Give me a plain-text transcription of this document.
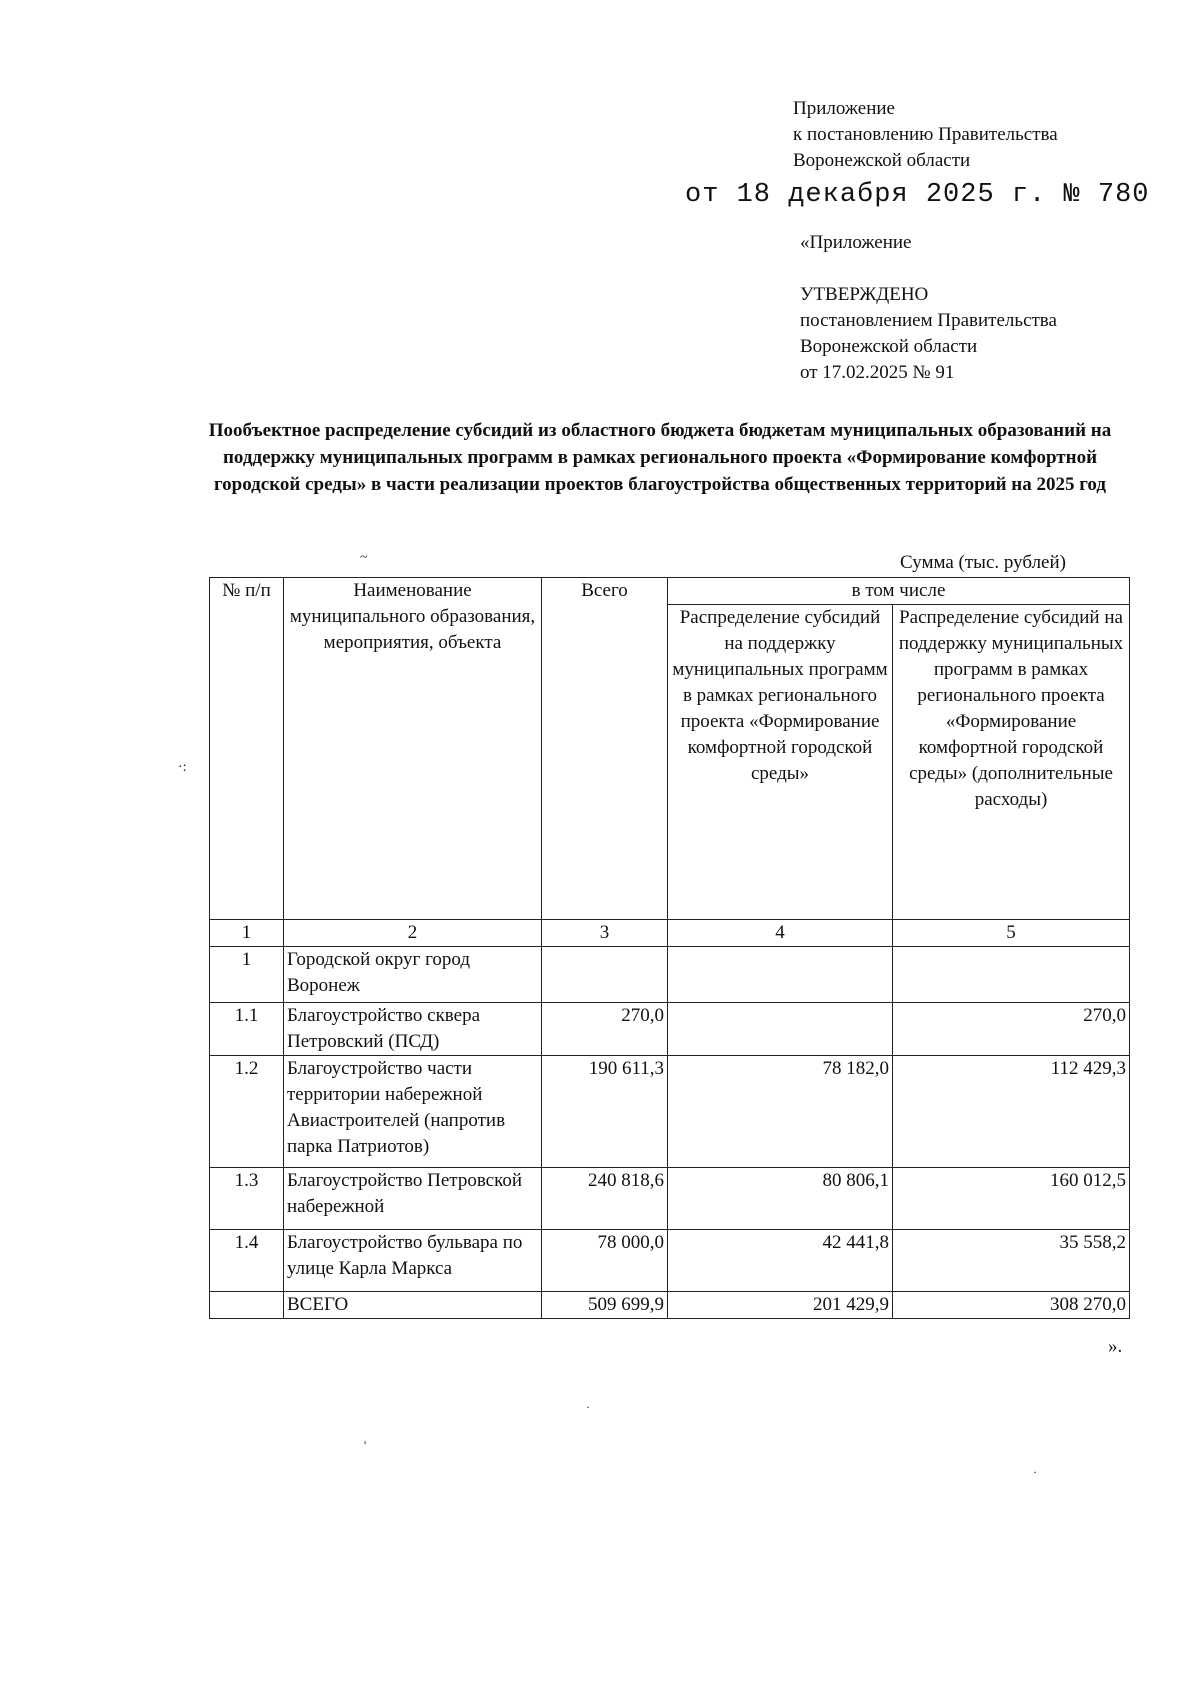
Приложение
к постановлению Правительства
Воронежской области
от 18 декабря 2025 г. № 780
«Приложение
УТВЕРЖДЕНО
постановлением Правительства
Воронежской области
от 17.02.2025 № 91
Пообъектное распределение субсидий из областного бюджета бюджетам муниципальных образований на поддержку муниципальных программ в рамках регионального проекта «Формирование комфортной городской среды» в части реализации проектов благоустройства общественных территорий на 2025 год
~	Сумма (тыс. рублей)
·:
№ п/п	Наименование муниципального образования, мероприятия, объекта	Всего	в том числе	
			Распределение субсидий на поддержку муниципальных программ в рамках регионального проекта «Формирование комфортной городской среды»	Распределение субсидий на поддержку муниципальных программ в рамках регионального проекта «Формирование комфортной городской среды» (дополнительные расходы)
1	2	3	4	5
1	Городской округ город Воронеж			
1.1	Благоустройство сквера Петровский (ПСД)	270,0		270,0
1.2	Благоустройство части территории набережной Авиастроителей (напротив парка Патриотов)	190 611,3	78 182,0	112 429,3
1.3	Благоустройство Петровской набережной	240 818,6	80 806,1	160 012,5
1.4	Благоустройство бульвара по улице Карла Маркса	78 000,0	42 441,8	35 558,2
	ВСЕГО	509 699,9	201 429,9	308 270,0
».
·
'
·
